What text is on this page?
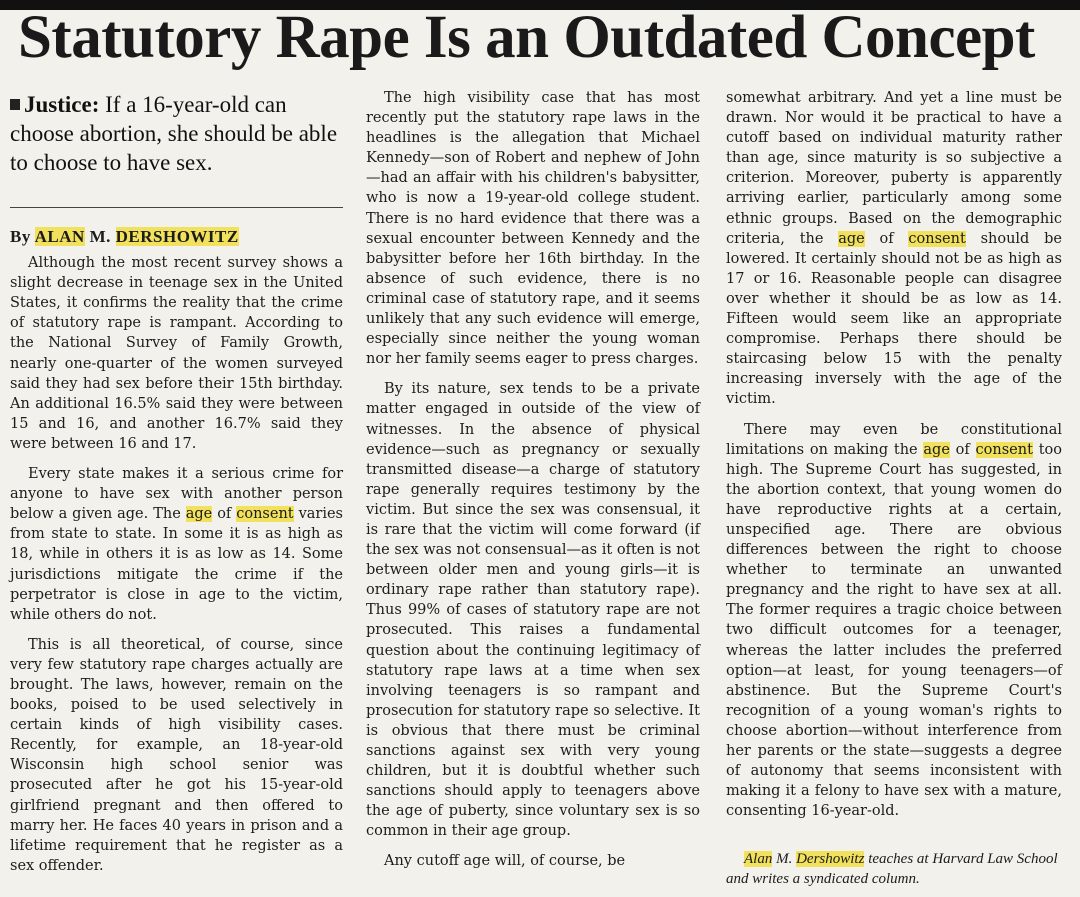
Statutory Rape Is an Outdated Concept
Justice: If a 16-year-old can choose abortion, she should be able to choose to have sex.
By ALAN M. DERSHOWITZ

Although the most recent survey shows a slight decrease in teenage sex in the United States, it confirms the reality that the crime of statutory rape is rampant. According to the National Survey of Family Growth, nearly one-quarter of the women surveyed said they had sex before their 15th birthday. An additional 16.5% said they were between 15 and 16, and another 16.7% said they were between 16 and 17.

Every state makes it a serious crime for anyone to have sex with another person below a given age. The age of consent varies from state to state. In some it is as high as 18, while in others it is as low as 14. Some jurisdictions mitigate the crime if the perpetrator is close in age to the victim, while others do not.

This is all theoretical, of course, since very few statutory rape charges actually are brought. The laws, however, remain on the books, poised to be used selectively in certain kinds of high visibility cases. Recently, for example, an 18-year-old Wisconsin high school senior was prosecuted after he got his 15-year-old girlfriend pregnant and then offered to marry her. He faces 40 years in prison and a lifetime requirement that he register as a sex offender.

The high visibility case that has most recently put the statutory rape laws in the headlines is the allegation that Michael Kennedy—son of Robert and nephew of John—had an affair with his children's babysitter, who is now a 19-year-old college student. There is no hard evidence that there was a sexual encounter between Kennedy and the babysitter before her 16th birthday. In the absence of such evidence, there is no criminal case of statutory rape, and it seems unlikely that any such evidence will emerge, especially since neither the young woman nor her family seems eager to press charges.

By its nature, sex tends to be a private matter engaged in outside of the view of witnesses. In the absence of physical evidence—such as pregnancy or sexually transmitted disease—a charge of statutory rape generally requires testimony by the victim. But since the sex was consensual, it is rare that the victim will come forward (if the sex was not consensual—as it often is not between older men and young girls—it is ordinary rape rather than statutory rape). Thus 99% of cases of statutory rape are not prosecuted. This raises a fundamental question about the continuing legitimacy of statutory rape laws at a time when sex involving teenagers is so rampant and prosecution for statutory rape so selective. It is obvious that there must be criminal sanctions against sex with very young children, but it is doubtful whether such sanctions should apply to teenagers above the age of puberty, since voluntary sex is so common in their age group.

Any cutoff age will, of course, be

somewhat arbitrary. And yet a line must be drawn. Nor would it be practical to have a cutoff based on individual maturity rather than age, since maturity is so subjective a criterion. Moreover, puberty is apparently arriving earlier, particularly among some ethnic groups. Based on the demographic criteria, the age of consent should be lowered. It certainly should not be as high as 17 or 16. Reasonable people can disagree over whether it should be as low as 14. Fifteen would seem like an appropriate compromise. Perhaps there should be staircasing below 15 with the penalty increasing inversely with the age of the victim.

There may even be constitutional limitations on making the age of consent too high. The Supreme Court has suggested, in the abortion context, that young women do have reproductive rights at a certain, unspecified age. There are obvious differences between the right to choose whether to terminate an unwanted pregnancy and the right to have sex at all. The former requires a tragic choice between two difficult outcomes for a teenager, whereas the latter includes the preferred option—at least, for young teenagers—of abstinence. But the Supreme Court's recognition of a young woman's rights to choose abortion—without interference from her parents or the state—suggests a degree of autonomy that seems inconsistent with making it a felony to have sex with a mature, consenting 16-year-old.

Alan M. Dershowitz teaches at Harvard Law School and writes a syndicated column.
